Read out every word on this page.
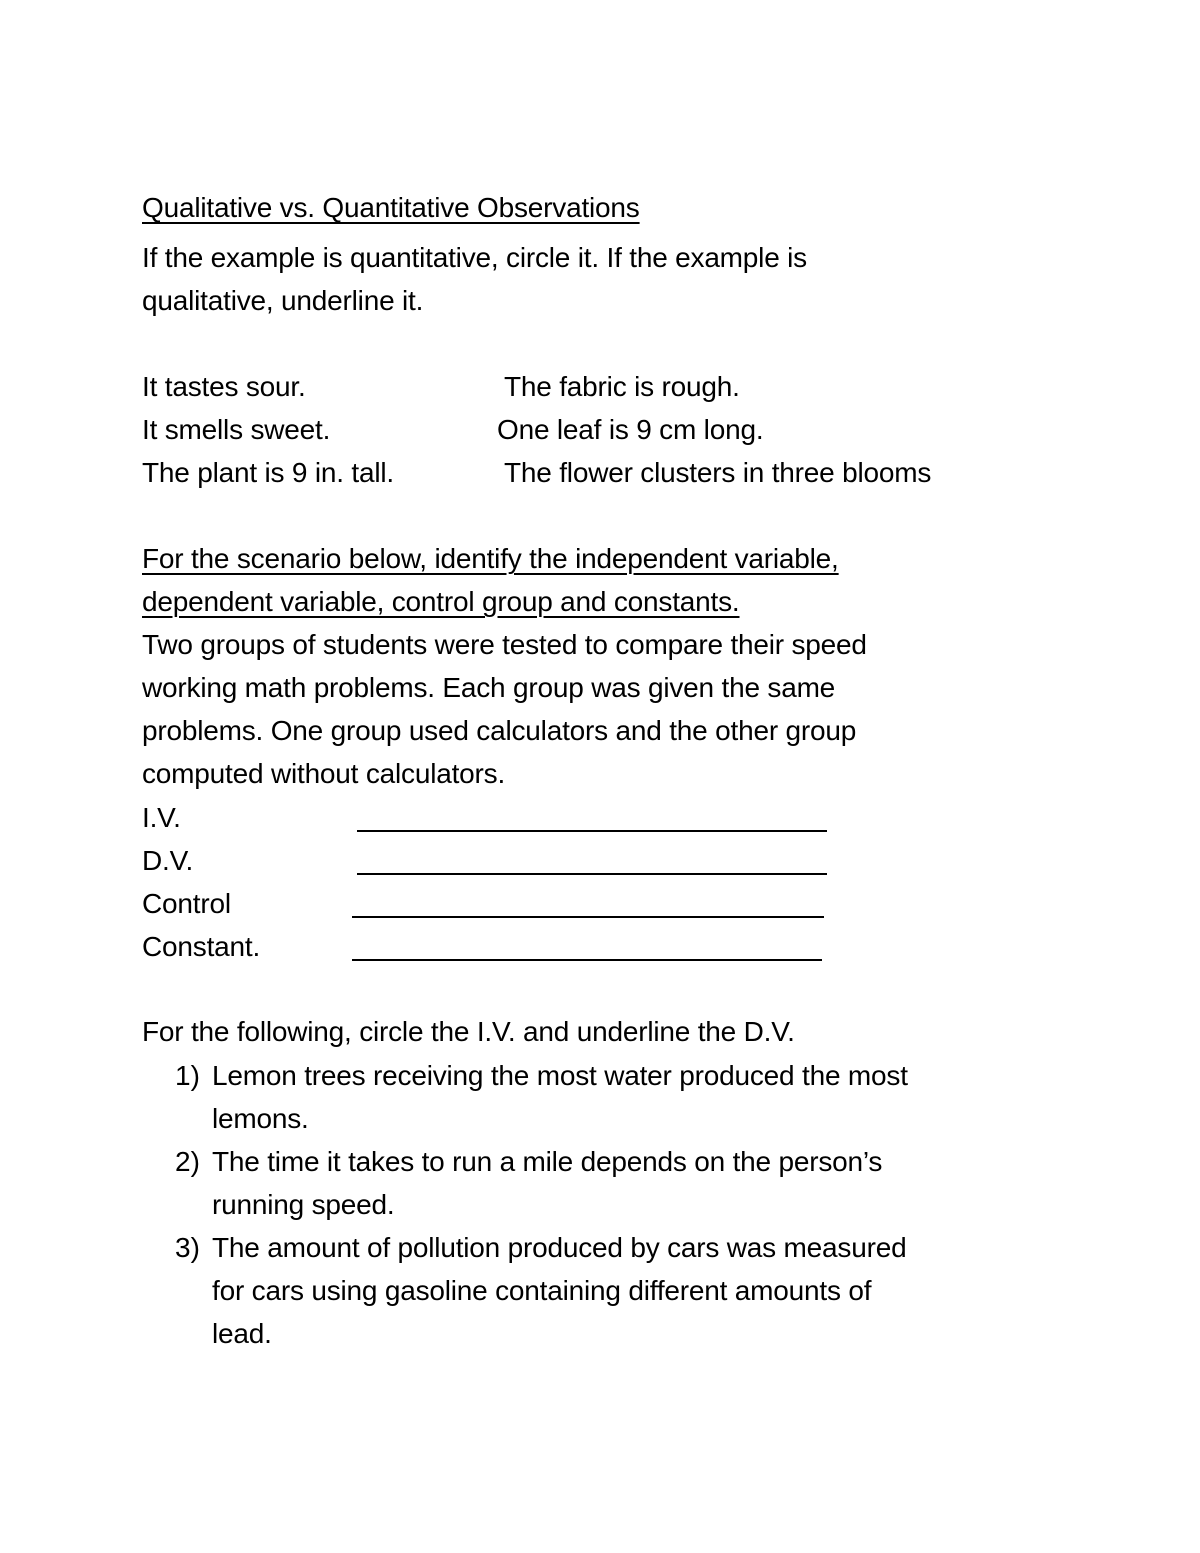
Qualitative vs. Quantitative Observations
If the example is quantitative, circle it. If the example is
qualitative, underline it.
It tastes sour.	The fabric is rough.
It smells sweet.	One leaf is 9 cm long.
The plant is 9 in. tall.	The flower clusters in three blooms
For the scenario below, identify the independent variable,
dependent variable, control group and constants.
Two groups of students were tested to compare their speed
working math problems. Each group was given the same
problems. One group used calculators and the other group
computed without calculators.
I.V.
D.V.
Control
Constant.
For the following, circle the I.V. and underline the D.V.
1) Lemon trees receiving the most water produced the most
lemons.
2) The time it takes to run a mile depends on the person’s
running speed.
3) The amount of pollution produced by cars was measured
for cars using gasoline containing different amounts of
lead.
